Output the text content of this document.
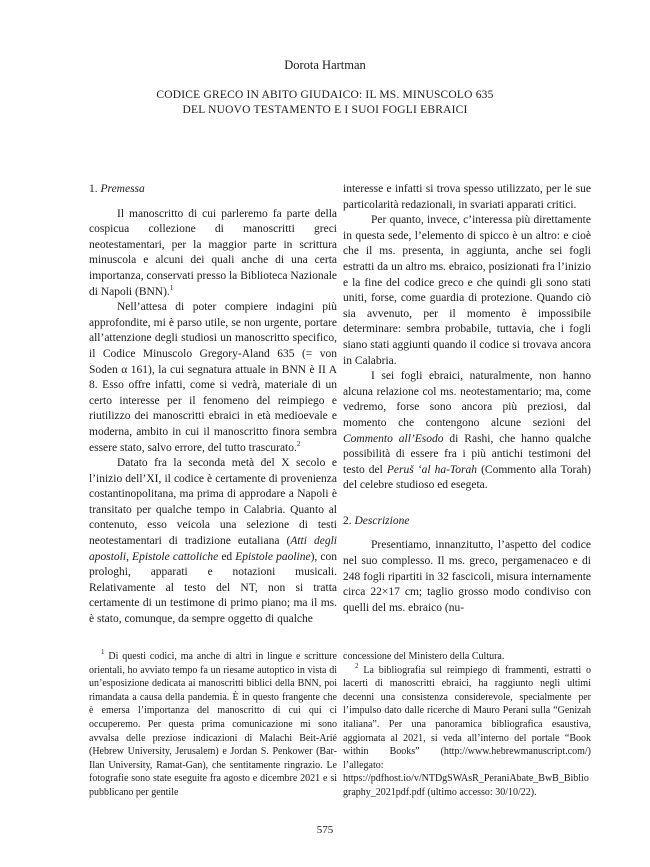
Dorota Hartman
CODICE GRECO IN ABITO GIUDAICO: IL MS. MINUSCOLO 635
DEL NUOVO TESTAMENTO E I SUOI FOGLI EBRAICI
1. Premessa

Il manoscritto di cui parleremo fa parte della cospicua collezione di manoscritti greci neotestamentari, per la maggior parte in scrittura minuscola e alcuni dei quali anche di una certa importanza, conservati presso la Biblioteca Nazionale di Napoli (BNN).$^1$

Nell’attesa di poter compiere indagini più approfondite, mi è parso utile, se non urgente, portare all’attenzione degli studiosi un manoscritto specifico, il Codice Minuscolo Gregory-Aland 635 (= von Soden α 161), la cui segnatura attuale in BNN è II A 8. Esso offre infatti, come si vedrà, materiale di un certo interesse per il fenomeno del reimpiego e riutilizzo dei manoscritti ebraici in età medioevale e moderna, ambito in cui il manoscritto finora sembra essere stato, salvo errore, del tutto trascurato.$^2$

Datato fra la seconda metà del X secolo e l’inizio dell’XI, il codice è certamente di provenienza costantinopolitana, ma prima di approdare a Napoli è transitato per qualche tempo in Calabria. Quanto al contenuto, esso veicola una selezione di testi neotestamentari di tradizione eutaliana (Atti degli apostoli, Epistole cattoliche ed Epistole paoline), con prologhi, apparati e notazioni musicali. Relativamente al testo del NT, non si tratta certamente di un testimone di primo piano; ma il ms. è stato, comunque, da sempre oggetto di qualche

interesse e infatti si trova spesso utilizzato, per le sue particolarità redazionali, in svariati apparati critici.

Per quanto, invece, c’interessa più direttamente in questa sede, l’elemento di spicco è un altro: e cioè che il ms. presenta, in aggiunta, anche sei fogli estratti da un altro ms. ebraico, posizionati fra l’inizio e la fine del codice greco e che quindi gli sono stati uniti, forse, come guardia di protezione. Quando ciò sia avvenuto, per il momento è impossibile determinare: sembra probabile, tuttavia, che i fogli siano stati aggiunti quando il codice si trovava ancora in Calabria.

I sei fogli ebraici, naturalmente, non hanno alcuna relazione col ms. neotestamentario; ma, come vedremo, forse sono ancora più preziosi, dal momento che contengono alcune sezioni del Commento all’Esodo di Rashi, che hanno qualche possibilità di essere fra i più antichi testimoni del testo del Peruš ‘al ha-Torah (Commento alla Torah) del celebre studioso ed esegeta.

2. Descrizione

Presentiamo, innanzitutto, l’aspetto del codice nel suo complesso. Il ms. greco, pergamenaceo e di 248 fogli ripartiti in 32 fascicoli, misura internamente circa 22×17 cm; taglio grosso modo condiviso con quelli del ms. ebraico (nu-

$^1$ Di questi codici, ma anche di altri in lingue e scritture orientali, ho avviato tempo fa un riesame autoptico in vista di un’esposizione dedicata ai manoscritti biblici della BNN, poi rimandata a causa della pandemia. È in questo frangente che è emersa l’importanza del manoscritto di cui qui ci occuperemo. Per questa prima comunicazione mi sono avvalsa delle preziose indicazioni di Malachi Beit-Arié (Hebrew University, Jerusalem) e Jordan S. Penkower (Bar-Ilan University, Ramat-Gan), che sentitamente ringrazio. Le fotografie sono state eseguite fra agosto e dicembre 2021 e si pubblicano per gentile

concessione del Ministero della Cultura.

$^2$ La bibliografia sul reimpiego di frammenti, estratti o lacerti di manoscritti ebraici, ha raggiunto negli ultimi decenni una consistenza considerevole, specialmente per l’impulso dato dalle ricerche di Mauro Perani sulla “Genizah italiana”. Per una panoramica bibliografica esaustiva, aggiornata al 2021, si veda all’interno del portale “Book within Books” (http://www.hebrewmanuscript.com/) l’allegato: https://pdfhost.io/v/NTDgSWAsR_PeraniAbate_BwB_Bibliography_2021pdf.pdf (ultimo accesso: 30/10/22).

575
